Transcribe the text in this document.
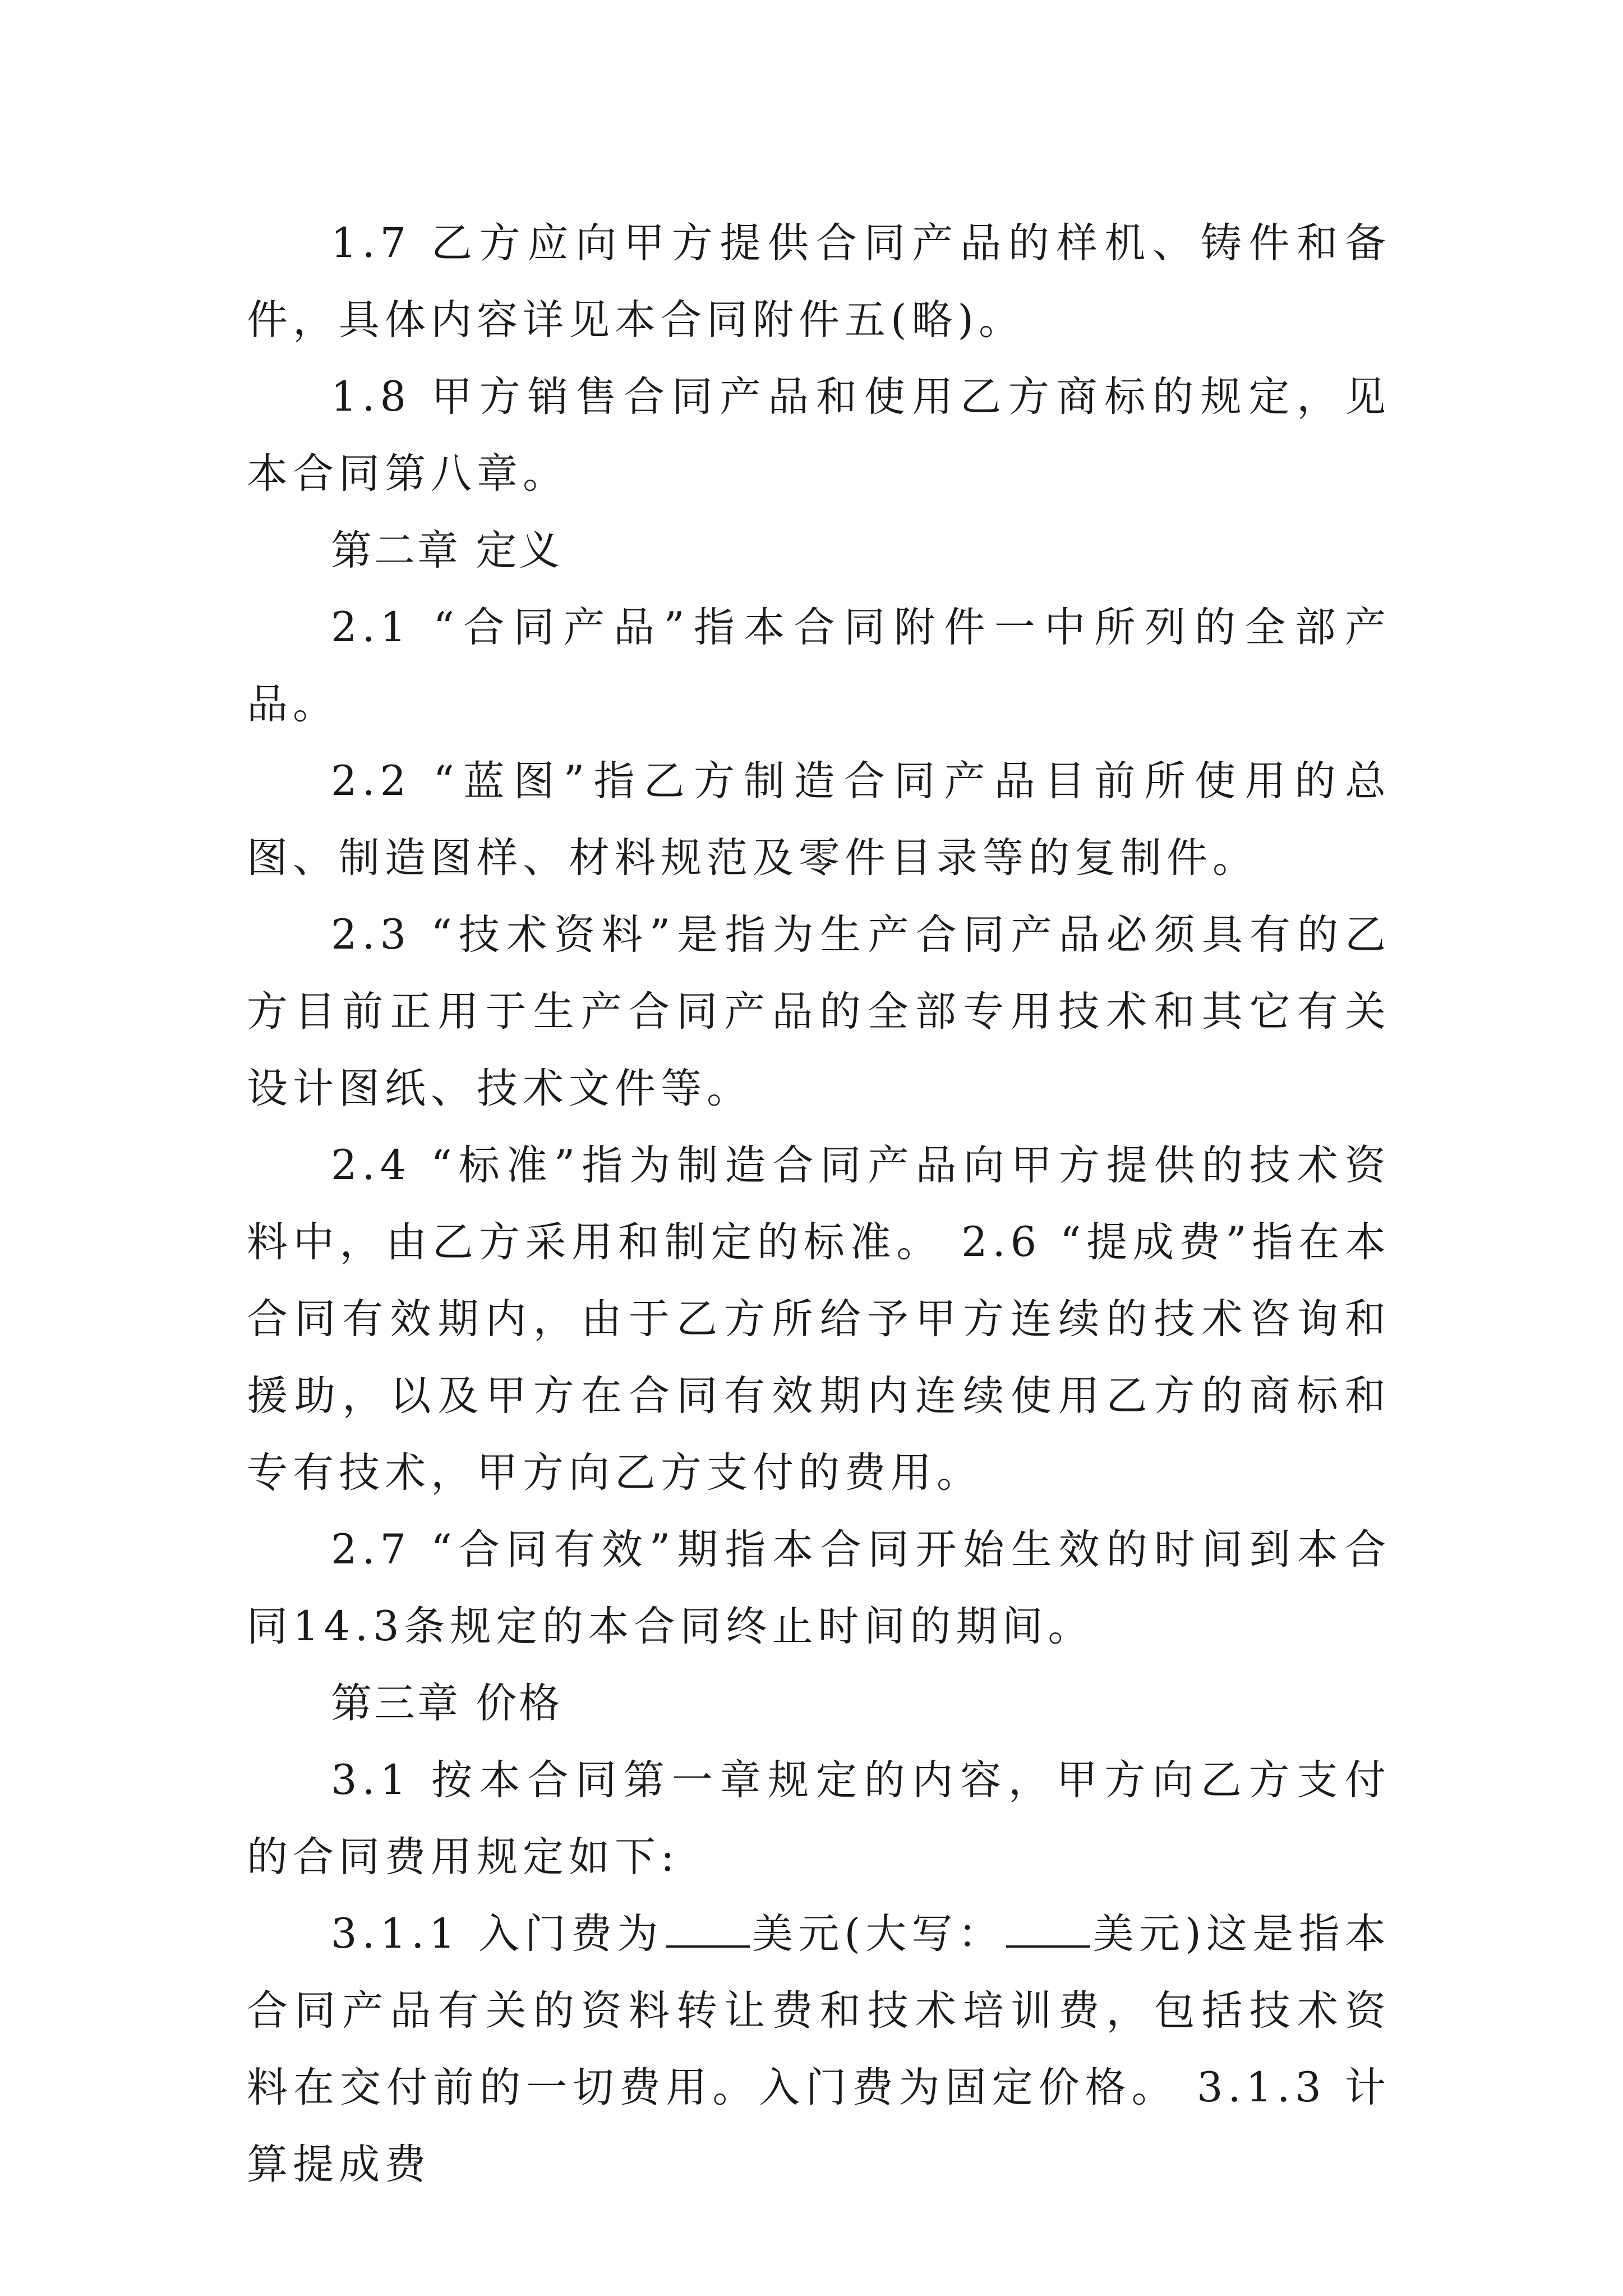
1.7 乙方应向甲方提供合同产品的样机、铸件和备件，具体内容详见本合同附件五(略)。

1.8 甲方销售合同产品和使用乙方商标的规定，见本合同第八章。

第二章 定义

2.1 “合同产品”指本合同附件一中所列的全部产品。

2.2 “蓝图”指乙方制造合同产品目前所使用的总图、制造图样、材料规范及零件目录等的复制件。

2.3 “技术资料”是指为生产合同产品必须具有的乙方目前正用于生产合同产品的全部专用技术和其它有关设计图纸、技术文件等。

2.4 “标准”指为制造合同产品向甲方提供的技术资料中，由乙方采用和制定的标准。 2.6 “提成费”指在本合同有效期内，由于乙方所给予甲方连续的技术咨询和援助，以及甲方在合同有效期内连续使用乙方的商标和专有技术，甲方向乙方支付的费用。

2.7 “合同有效”期指本合同开始生效的时间到本合同14.3条规定的本合同终止时间的期间。

第三章 价格

3.1 按本合同第一章规定的内容，甲方向乙方支付的合同费用规定如下:

3.1.1 入门费为 美元(大写： 美元)这是指本合同产品有关的资料转让费和技术培训费，包括技术资料在交付前的一切费用。入门费为固定价格。 3.1.3 计算提成费
